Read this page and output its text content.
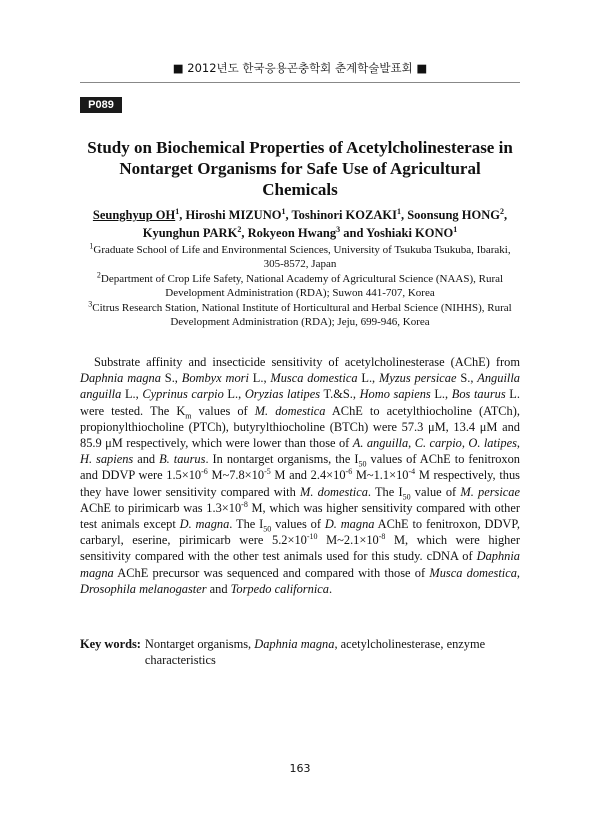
■ 2012년도 한국응용곤충학회 춘계학술발표회 ■
P089
Study on Biochemical Properties of Acetylcholinesterase in
Nontarget Organisms for Safe Use of Agricultural Chemicals
Seunghyup $OH^1$, Hiroshi MIZUNO$^1$, Toshinori KOZAKI$^1$, Soonsung HONG$^2$, Kyunghun PARK$^2$, Rokyeon Hwang$^3$ and Yoshiaki KONO$^1$
$^1$Graduate School of Life and Environmental Sciences, University of Tsukuba Tsukuba, Ibaraki, 305-8572, Japan
$^2$Department of Crop Life Safety, National Academy of Agricultural Science (NAAS), Rural Development Administration (RDA); Suwon 441-707, Korea
$^3$Citrus Research Station, National Institute of Horticultural and Herbal Science (NIHHS), Rural Development Administration (RDA); Jeju, 699-946, Korea

Substrate affinity and insecticide sensitivity of acetylcholinesterase (AChE) from Daphnia magna S., Bombyx mori L., Musca domestica L., Myzus persicae S., Anguilla anguilla L., Cyprinus carpio L., Oryzias latipes T.&S., Homo sapiens L., Bos taurus L. were tested. The $K_m$ values of M. domestica AChE to acetylthiocholine (ATCh), propionylthiocholine (PTCh), butyrylthiocholine (BTCh) were 57.3 μM, 13.4 μM and 85.9 μM respectively, which were lower than those of A. anguilla, C. carpio, O. latipes, H. sapiens and B. taurus. In nontarget organisms, the $I_{50}$ values of AChE to fenitroxon and DDVP were $1.5\times 10^{-6}$ $M\sim 7.8\times 10^{-5}$ M and $2.4\times 10^{-6}$ $M\sim 1.1\times 10^{-4}$ M respectively, thus they have lower sensitivity compared with M. domestica. The $I_{50}$ value of M. persicae AChE to pirimicarb was $1.3\times 10^{-8}$ M, which was higher sensitivity compared with other test animals except D. magna. The $I_{50}$ values of D. magna AChE to fenitroxon, DDVP, carbaryl, eserine, pirimicarb were $5.2\times 10^{-10}$ $M\sim 2.1\times 10^{-8}$ M, which were higher sensitivity compared with the other test animals used for this study. cDNA of Daphnia magna AChE precursor was sequenced and compared with those of Musca domestica, Drosophila melanogaster and Torpedo californica.

Key words: Nontarget organisms, Daphnia magna, acetylcholinesterase, enzyme characteristics
163
